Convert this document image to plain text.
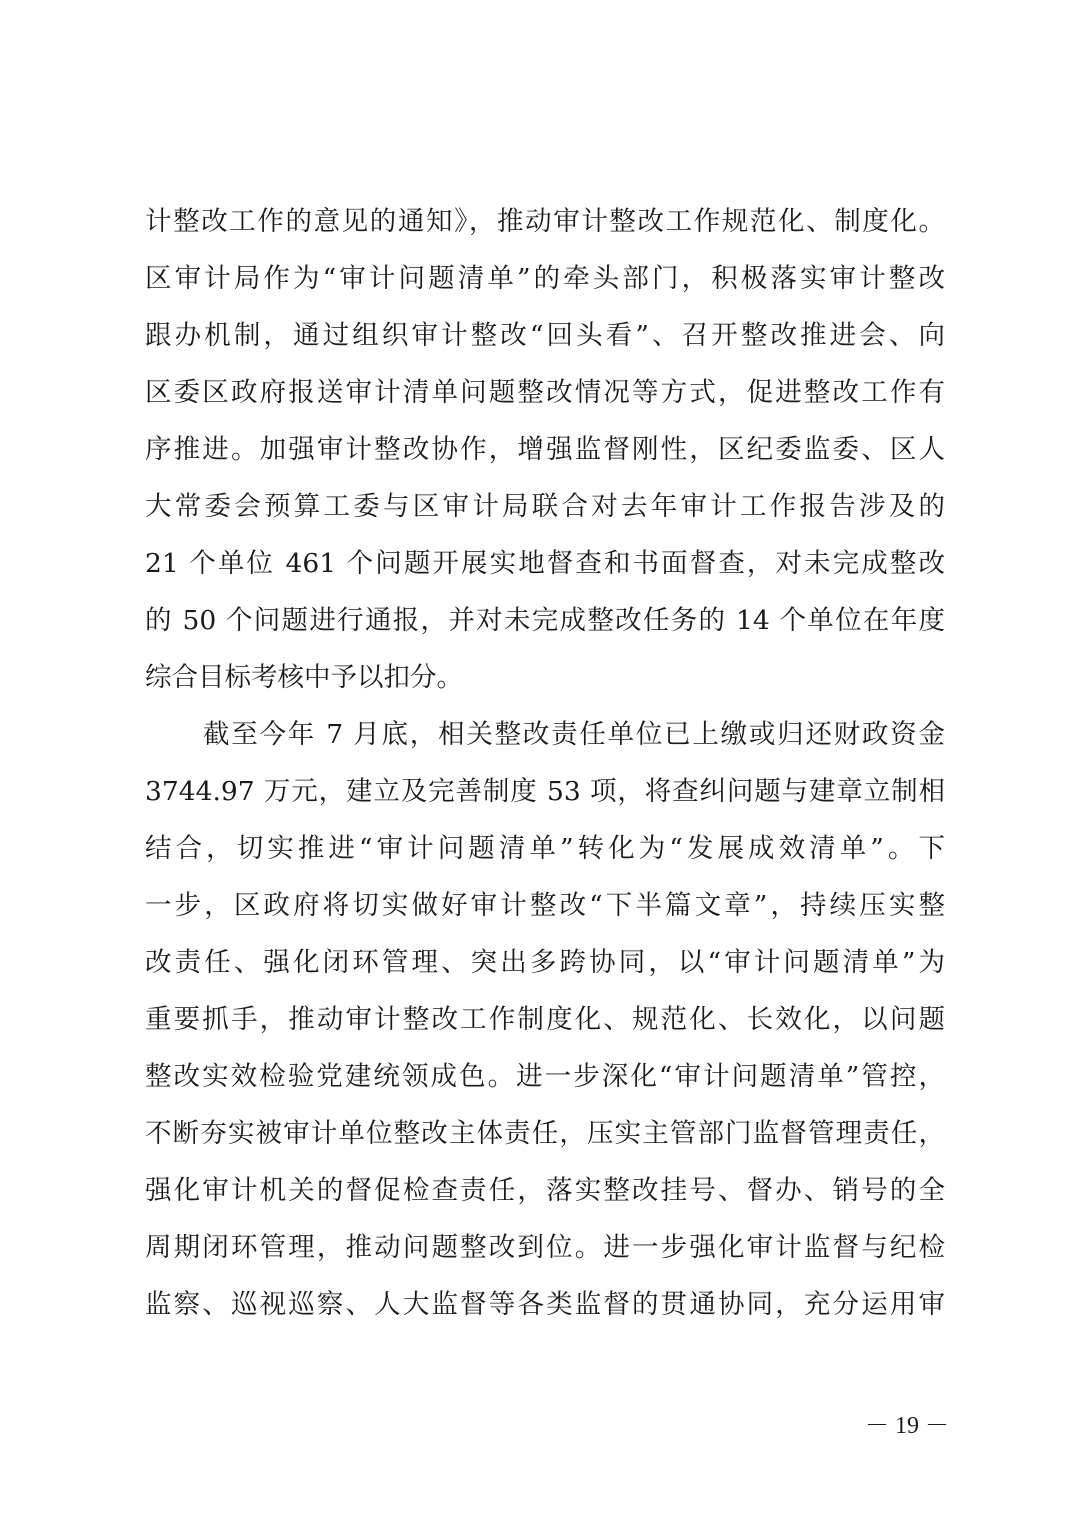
计整改工作的意见的通知》，推动审计整改工作规范化、制度化。
区审计局作为“审计问题清单”的牵头部门，积极落实审计整改
跟办机制，通过组织审计整改“回头看”、召开整改推进会、向
区委区政府报送审计清单问题整改情况等方式，促进整改工作有
序推进。加强审计整改协作，增强监督刚性，区纪委监委、区人
大常委会预算工委与区审计局联合对去年审计工作报告涉及的
21 个单位 461 个问题开展实地督查和书面督查，对未完成整改
的 50 个问题进行通报，并对未完成整改任务的 14 个单位在年度
综合目标考核中予以扣分。
截至今年 7 月底，相关整改责任单位已上缴或归还财政资金
3744.97 万元，建立及完善制度 53 项，将查纠问题与建章立制相
结合，切实推进“审计问题清单”转化为“发展成效清单”。下
一步，区政府将切实做好审计整改“下半篇文章”，持续压实整
改责任、强化闭环管理、突出多跨协同，以“审计问题清单”为
重要抓手，推动审计整改工作制度化、规范化、长效化，以问题
整改实效检验党建统领成色。进一步深化“审计问题清单”管控，
不断夯实被审计单位整改主体责任，压实主管部门监督管理责任，
强化审计机关的督促检查责任，落实整改挂号、督办、销号的全
周期闭环管理，推动问题整改到位。进一步强化审计监督与纪检
监察、巡视巡察、人大监督等各类监督的贯通协同，充分运用审
－ 19 －
